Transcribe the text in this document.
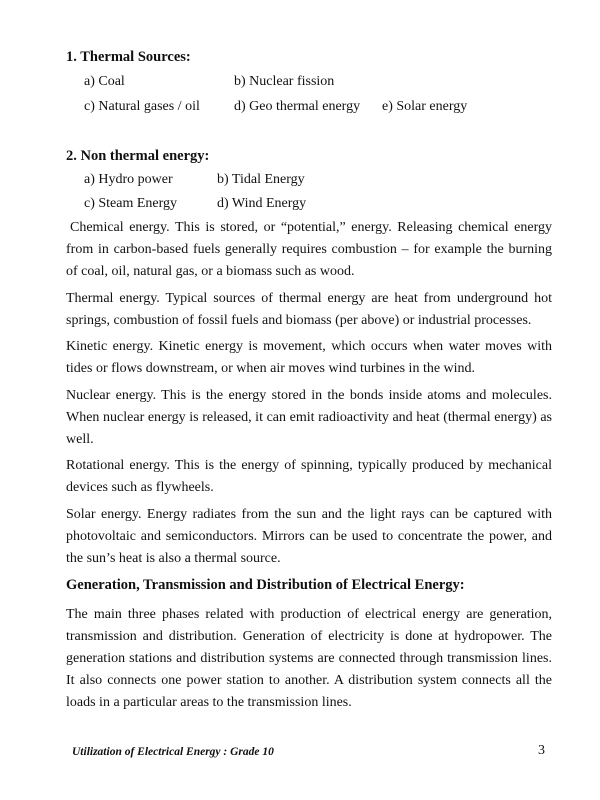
1. Thermal Sources:
a) Coal	b) Nuclear fission
c) Natural gases / oil d) Geo thermal energy e) Solar energy
2. Non thermal energy:
a) Hydro power	b) Tidal Energy
c) Steam Energy	d) Wind Energy
Chemical energy. This is stored, or “potential,” energy. Releasing chemical energy from in carbon-based fuels generally requires combustion – for example the burning of coal, oil, natural gas, or a biomass such as wood.
Thermal energy. Typical sources of thermal energy are heat from underground hot springs, combustion of fossil fuels and biomass (per above) or industrial processes.
Kinetic energy. Kinetic energy is movement, which occurs when water moves with tides or flows downstream, or when air moves wind turbines in the wind.
Nuclear energy. This is the energy stored in the bonds inside atoms and molecules. When nuclear energy is released, it can emit radioactivity and heat (thermal energy) as well.
Rotational energy. This is the energy of spinning, typically produced by mechanical devices such as flywheels.
Solar energy. Energy radiates from the sun and the light rays can be captured with photovoltaic and semiconductors. Mirrors can be used to concentrate the power, and the sun’s heat is also a thermal source.
Generation, Transmission and Distribution of Electrical Energy:
The main three phases related with production of electrical energy are generation, transmission and distribution. Generation of electricity is done at hydropower. The generation stations and distribution systems are connected through transmission lines. It also connects one power station to another. A distribution system connects all the loads in a particular areas to the transmission lines.
Utilization of Electrical Energy : Grade 10	3
